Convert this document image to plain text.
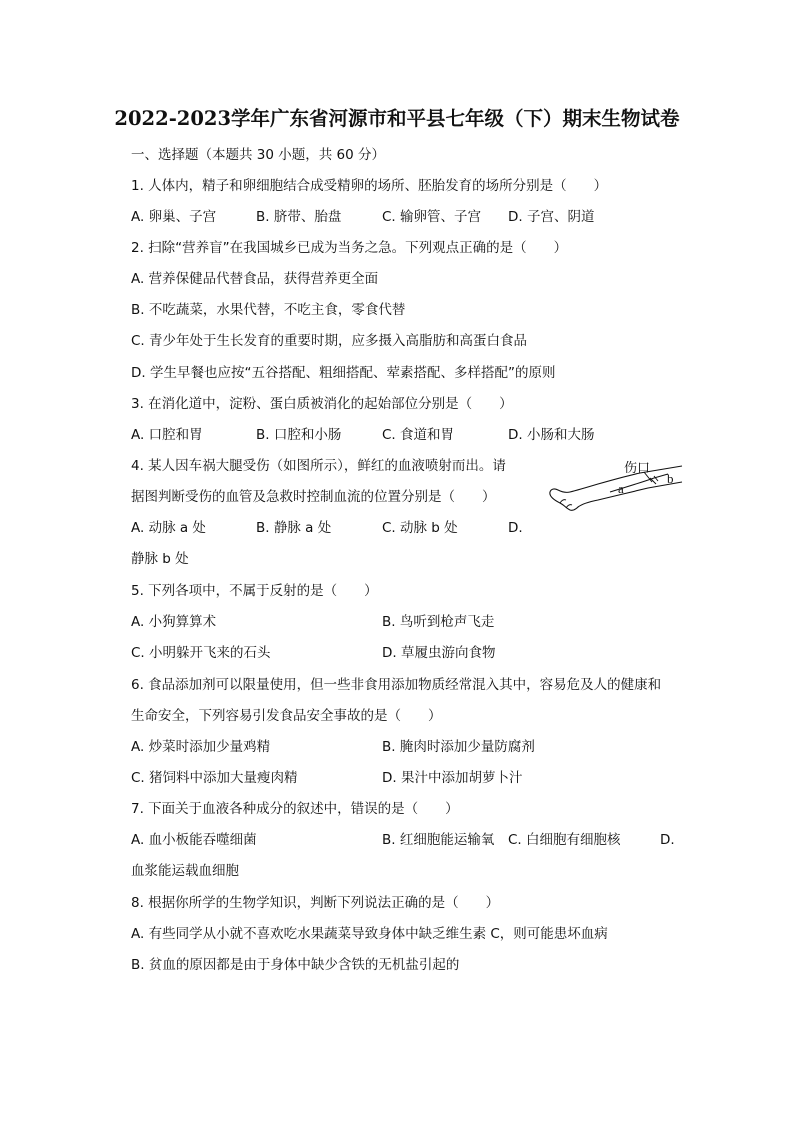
2022-2023学年广东省河源市和平县七年级（下）期末生物试卷
一、选择题（本题共 30 小题，共 60 分）
1. 人体内，精子和卵细胞结合成受精卵的场所、胚胎发育的场所分别是（　　）
A. 卵巢、子宫	B. 脐带、胎盘	C. 输卵管、子宫 D. 子宫、阴道
2. 扫除“营养盲”在我国城乡已成为当务之急。下列观点正确的是（　　）
A. 营养保健品代替食品，获得营养更全面
B. 不吃蔬菜，水果代替，不吃主食，零食代替
C. 青少年处于生长发育的重要时期，应多摄入高脂肪和高蛋白食品
D. 学生早餐也应按“五谷搭配、粗细搭配、荤素搭配、多样搭配”的原则
3. 在消化道中，淀粉、蛋白质被消化的起始部位分别是（　　）
A. 口腔和胃	B. 口腔和小肠	C. 食道和胃	D. 小肠和大肠
4. 某人因车祸大腿受伤（如图所示），鲜红的血液喷射而出。请
据图判断受伤的血管及急救时控制血流的位置分别是（　　）
A. 动脉 a 处	B. 静脉 a 处	C. 动脉 b 处	D.
静脉 b 处
伤口
a
b
5. 下列各项中，不属于反射的是（　　）
A. 小狗算算术	B. 鸟听到枪声飞走
C. 小明躲开飞来的石头	D. 草履虫游向食物
6. 食品添加剂可以限量使用，但一些非食用添加物质经常混入其中，容易危及人的健康和
生命安全，下列容易引发食品安全事故的是（　　）
A. 炒菜时添加少量鸡精	B. 腌肉时添加少量防腐剂
C. 猪饲料中添加大量瘦肉精	D. 果汁中添加胡萝卜汁
7. 下面关于血液各种成分的叙述中，错误的是（　　）
A. 血小板能吞噬细菌	B. 红细胞能运输氧 C. 白细胞有细胞核	D.
血浆能运载血细胞
8. 根据你所学的生物学知识，判断下列说法正确的是（　　）
A. 有些同学从小就不喜欢吃水果蔬菜导致身体中缺乏维生素 C，则可能患坏血病
B. 贫血的原因都是由于身体中缺少含铁的无机盐引起的
